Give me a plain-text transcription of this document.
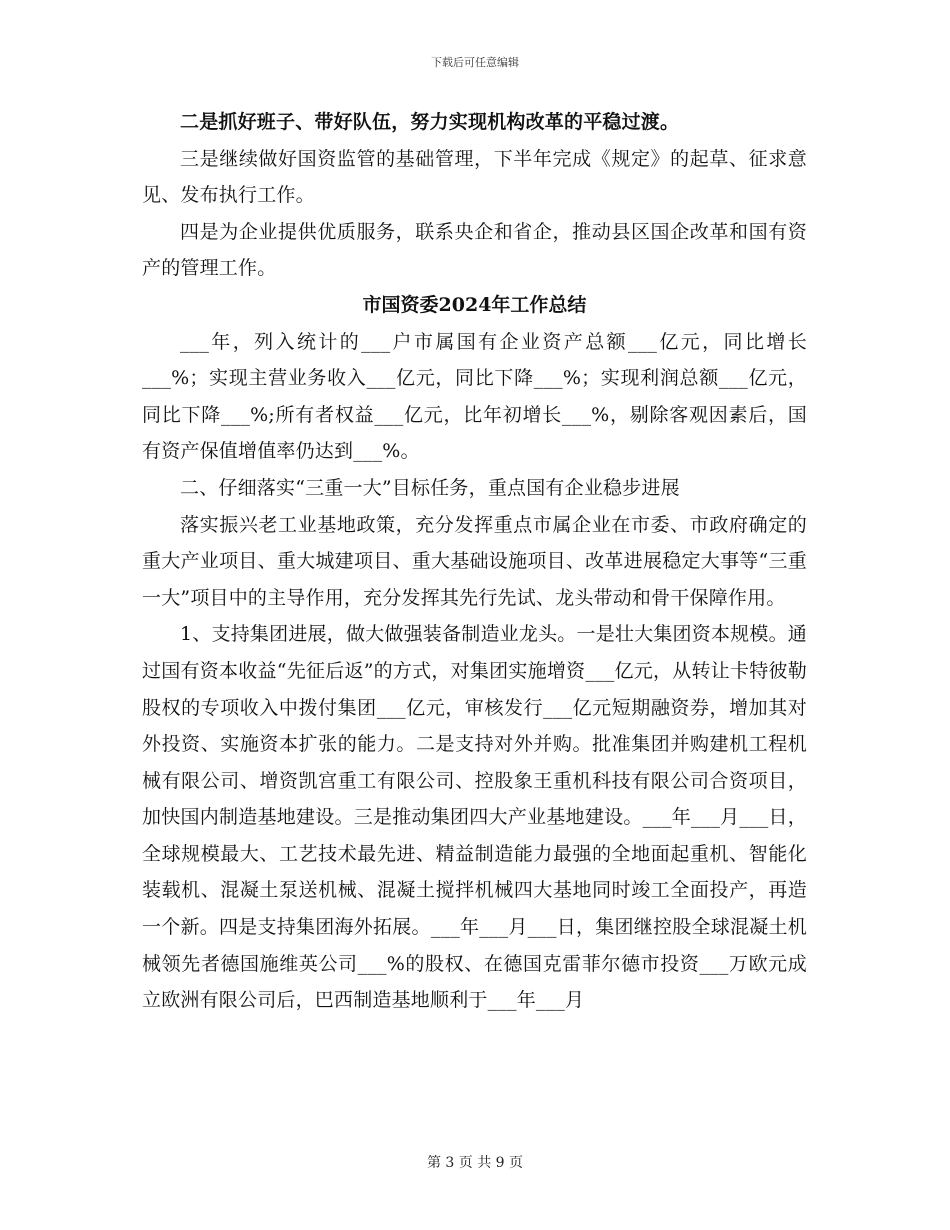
下载后可任意编辑

二是抓好班子、带好队伍，努力实现机构改革的平稳过渡。

三是继续做好国资监管的基础管理，下半年完成《规定》的起草、征求意见、发布执行工作。

四是为企业提供优质服务，联系央企和省企，推动县区国企改革和国有资产的管理工作。

市国资委2024年工作总结

___年，列入统计的___户市属国有企业资产总额___亿元，同比增长___%；实现主营业务收入___亿元，同比下降___%；实现利润总额___亿元，同比下降___%;所有者权益___亿元，比年初增长___%，剔除客观因素后，国有资产保值增值率仍达到___%。

二、仔细落实“三重一大”目标任务，重点国有企业稳步进展

落实振兴老工业基地政策，充分发挥重点市属企业在市委、市政府确定的重大产业项目、重大城建项目、重大基础设施项目、改革进展稳定大事等“三重一大”项目中的主导作用，充分发挥其先行先试、龙头带动和骨干保障作用。

1、支持集团进展，做大做强装备制造业龙头。一是壮大集团资本规模。通过国有资本收益“先征后返”的方式，对集团实施增资___亿元，从转让卡特彼勒股权的专项收入中拨付集团___亿元，审核发行___亿元短期融资券，增加其对外投资、实施资本扩张的能力。二是支持对外并购。批准集团并购建机工程机械有限公司、增资凯宫重工有限公司、控股象王重机科技有限公司合资项目，加快国内制造基地建设。三是推动集团四大产业基地建设。___年___月___日，全球规模最大、工艺技术最先进、精益制造能力最强的全地面起重机、智能化装载机、混凝土泵送机械、混凝土搅拌机械四大基地同时竣工全面投产，再造一个新。四是支持集团海外拓展。___年___月___日，集团继控股全球混凝土机械领先者德国施维英公司___%的股权、在德国克雷菲尔德市投资___万欧元成立欧洲有限公司后，巴西制造基地顺利于___年___月

第 3 页 共 9 页
